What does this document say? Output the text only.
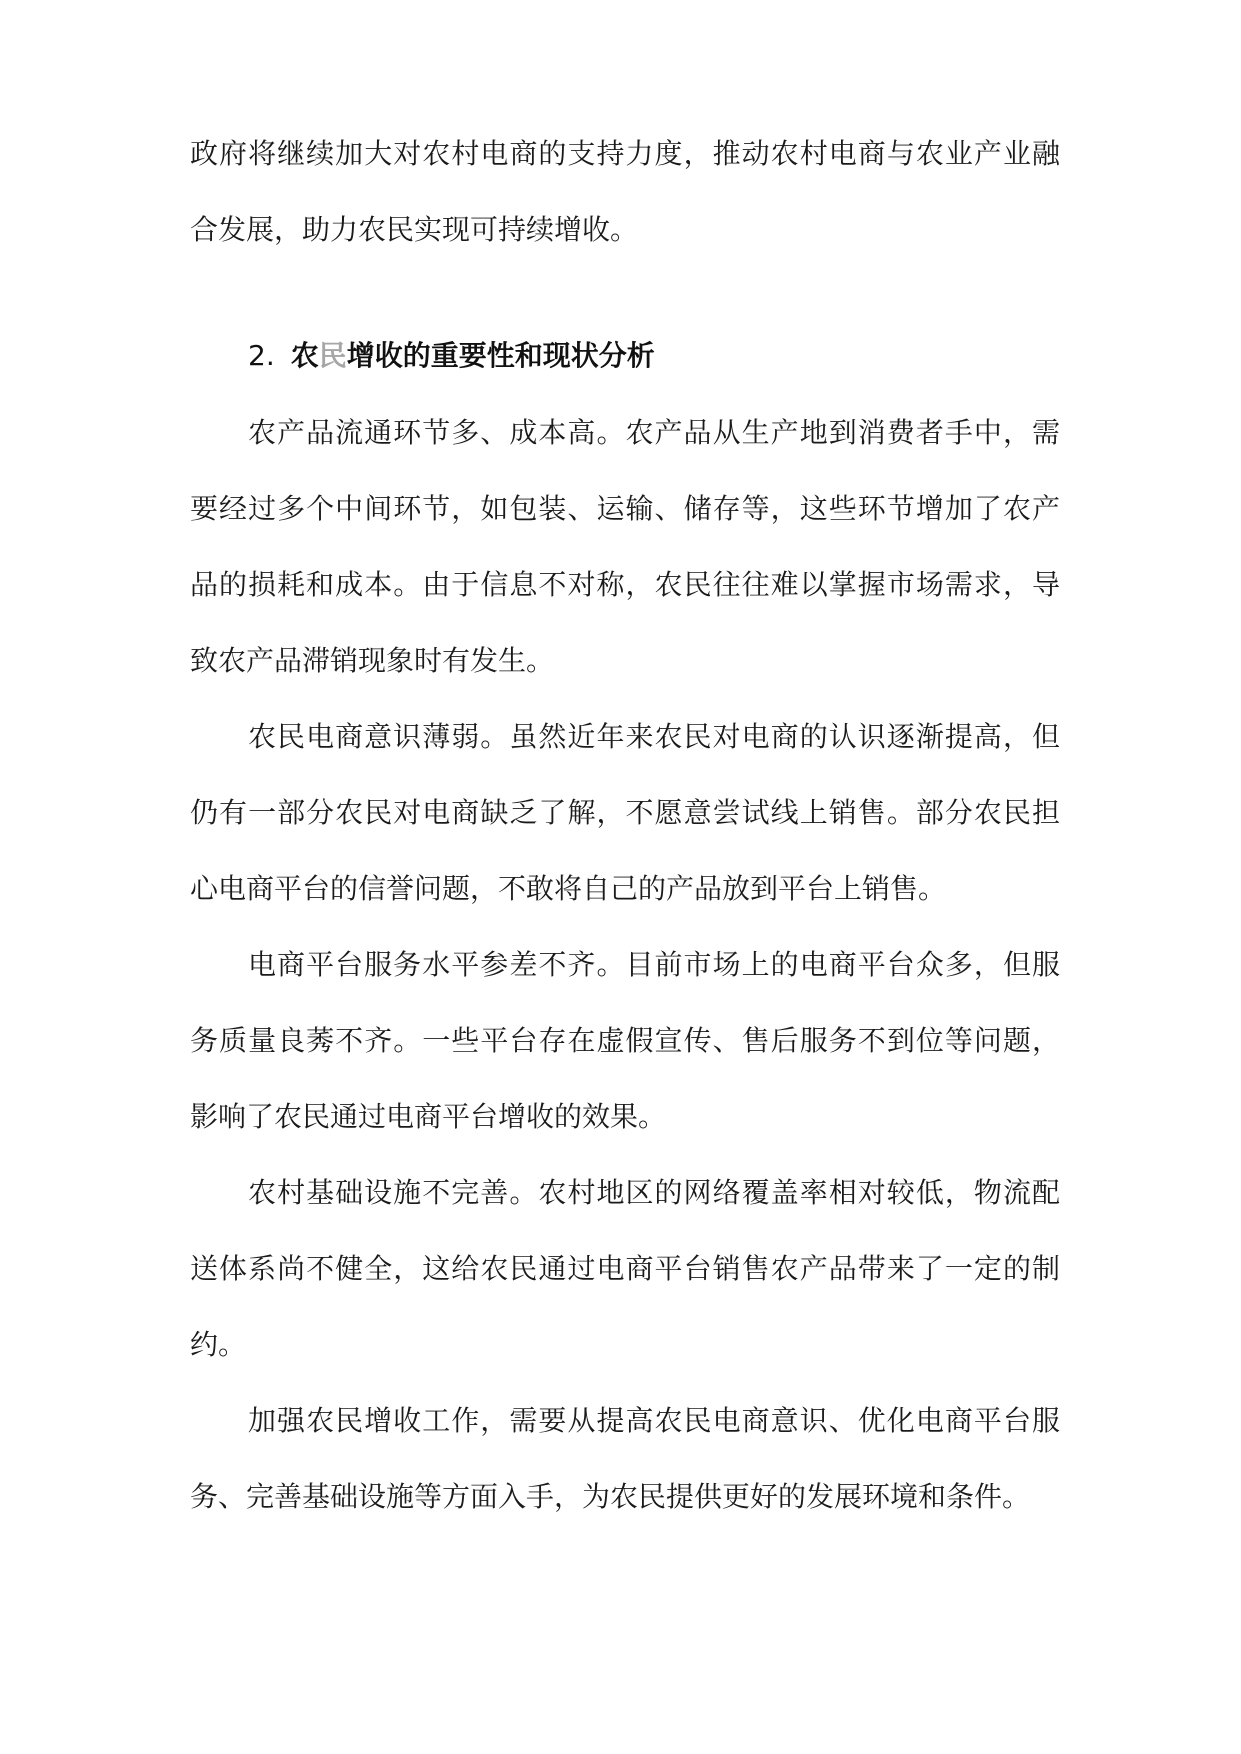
政府将继续加大对农村电商的支持力度，推动农村电商与农业产业融
合发展，助力农民实现可持续增收。
2. 农民增收的重要性和现状分析
农产品流通环节多、成本高。农产品从生产地到消费者手中，需
要经过多个中间环节，如包装、运输、储存等，这些环节增加了农产
品的损耗和成本。由于信息不对称，农民往往难以掌握市场需求，导
致农产品滞销现象时有发生。
农民电商意识薄弱。虽然近年来农民对电商的认识逐渐提高，但
仍有一部分农民对电商缺乏了解，不愿意尝试线上销售。部分农民担
心电商平台的信誉问题，不敢将自己的产品放到平台上销售。
电商平台服务水平参差不齐。目前市场上的电商平台众多，但服
务质量良莠不齐。一些平台存在虚假宣传、售后服务不到位等问题，
影响了农民通过电商平台增收的效果。
农村基础设施不完善。农村地区的网络覆盖率相对较低，物流配
送体系尚不健全，这给农民通过电商平台销售农产品带来了一定的制
约。
加强农民增收工作，需要从提高农民电商意识、优化电商平台服
务、完善基础设施等方面入手，为农民提供更好的发展环境和条件。
